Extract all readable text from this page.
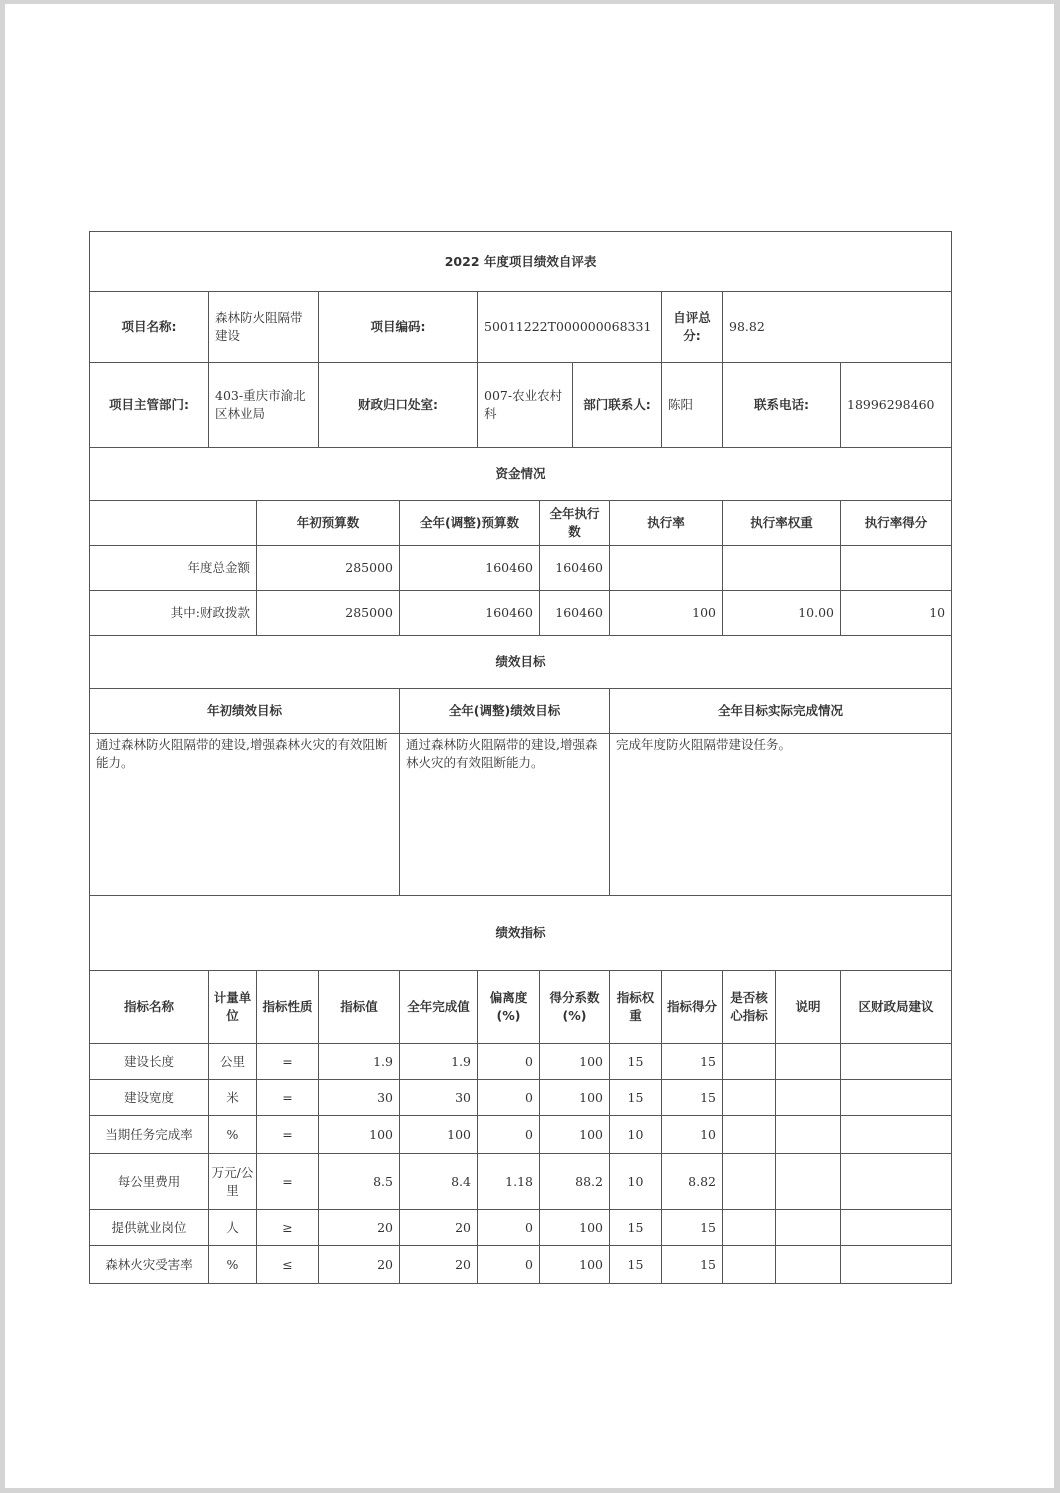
2022 年度项目绩效自评表												
项目名称:	森林防火阻隔带建设		项目编码:		50011222T000000068331				自评总分:	98.82		
项目主管部门:	403-重庆市渝北区林业局		财政归口处室:		007-农业农村科		部门联系人:		陈阳	联系电话:		18996298460
资金情况												
		年初预算数		全年(调整)预算数		全年执行数		执行率		执行率权重		执行率得分
年度总金额		285000		160460		160460						
其中:财政拨款		285000		160460		160460		100		10.00		10
绩效目标												
年初绩效目标				全年(调整)绩效目标				全年目标实际完成情况				
通过森林防火阻隔带的建设,增强森林火灾的有效阻断能力。				通过森林防火阻隔带的建设,增强森林火灾的有效阻断能力。				完成年度防火阻隔带建设任务。				
绩效指标												
指标名称	计量单位	指标性质	指标值	全年完成值	偏离度(%)	得分系数(%)		指标权重	指标得分	是否核心指标	说明	区财政局建议
建设长度	公里	=	1.9	1.9	0	100		15	15			
建设宽度	米	=	30	30	0	100		15	15			
当期任务完成率	%	=	100	100	0	100		10	10			
每公里费用	万元/公里	=	8.5	8.4	1.18	88.2		10	8.82			
提供就业岗位	人	≥	20	20	0	100		15	15			
森林火灾受害率	%	≤	20	20	0	100		15	15			
